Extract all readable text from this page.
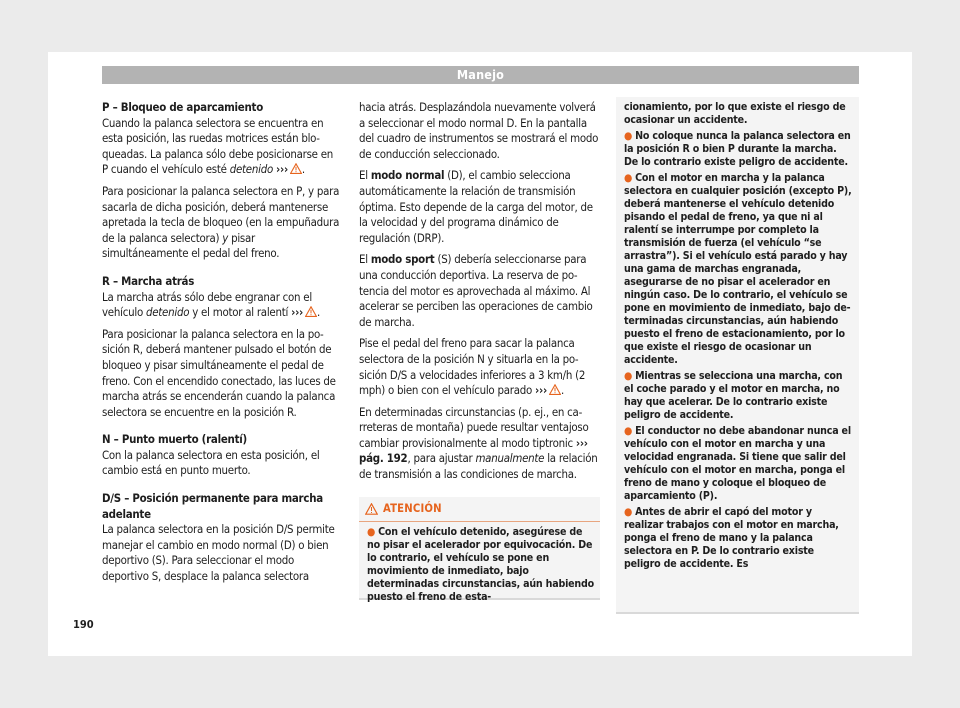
Manejo
P – Bloqueo de aparcamiento

Cuando la palanca selectora se encuentra en esta posición, las ruedas motrices están bloqueadas. La palanca sólo debe posicionarse en P cuando el vehículo esté detenido ››› .

Para posicionar la palanca selectora en P, y para sacarla de dicha posición, deberá mantenerse apretada la tecla de bloqueo (en la empuñadura de la palanca selectora) y pisar simultáneamente el pedal del freno.

R – Marcha atrás

La marcha atrás sólo debe engranar con el vehículo detenido y el motor al ralentí ››› .

Para posicionar la palanca selectora en la posición R, deberá mantener pulsado el botón de bloqueo y pisar simultáneamente el pedal de freno. Con el encendido conectado, las luces de marcha atrás se encenderán cuando la palanca selectora se encuentre en la posición R.

N – Punto muerto (ralentí)

Con la palanca selectora en esta posición, el cambio está en punto muerto.

D/S – Posición permanente para marcha adelante

La palanca selectora en la posición D/S permite manejar el cambio en modo normal (D) o bien deportivo (S). Para seleccionar el modo deportivo S, desplace la palanca selectora

hacia atrás. Desplazándola nuevamente volverá a seleccionar el modo normal D. En la pantalla del cuadro de instrumentos se mostrará el modo de conducción seleccionado.

El modo normal (D), el cambio selecciona automáticamente la relación de transmisión óptima. Esto depende de la carga del motor, de la velocidad y del programa dinámico de regulación (DRP).

El modo sport (S) debería seleccionarse para una conducción deportiva. La reserva de potencia del motor es aprovechada al máximo. Al acelerar se perciben las operaciones de cambio de marcha.

Pise el pedal del freno para sacar la palanca selectora de la posición N y situarla en la posición D/S a velocidades inferiores a 3 km/h (2 mph) o bien con el vehículo parado ››› .

En determinadas circunstancias (p. ej., en carreteras de montaña) puede resultar ventajoso cambiar provisionalmente al modo tiptronic ››› pág. 192, para ajustar manualmente la relación de transmisión a las condiciones de marcha.

ATENCIÓN
● Con el vehículo detenido, asegúrese de no pisar el acelerador por equivocación. De lo contrario, el vehículo se pone en movimiento de inmediato, bajo determinadas circunstancias, aún habiendo puesto el freno de esta-
cionamiento, por lo que existe el riesgo de ocasionar un accidente.
● No coloque nunca la palanca selectora en la posición R o bien P durante la marcha. De lo contrario existe peligro de accidente.
● Con el motor en marcha y la palanca selectora en cualquier posición (excepto P), deberá mantenerse el vehículo detenido pisando el pedal de freno, ya que ni al ralentí se interrumpe por completo la transmisión de fuerza (el vehículo “se arrastra”). Si el vehículo está parado y hay una gama de marchas engranada, asegurarse de no pisar el acelerador en ningún caso. De lo contrario, el vehículo se pone en movimiento de inmediato, bajo determinadas circunstancias, aún habiendo puesto el freno de estacionamiento, por lo que existe el riesgo de ocasionar un accidente.
● Mientras se selecciona una marcha, con el coche parado y el motor en marcha, no hay que acelerar. De lo contrario existe peligro de accidente.
● El conductor no debe abandonar nunca el vehículo con el motor en marcha y una velocidad engranada. Si tiene que salir del vehículo con el motor en marcha, ponga el freno de mano y coloque el bloqueo de aparcamiento (P).
● Antes de abrir el capó del motor y realizar trabajos con el motor en marcha, ponga el freno de mano y la palanca selectora en P. De lo contrario existe peligro de accidente. Es
190
